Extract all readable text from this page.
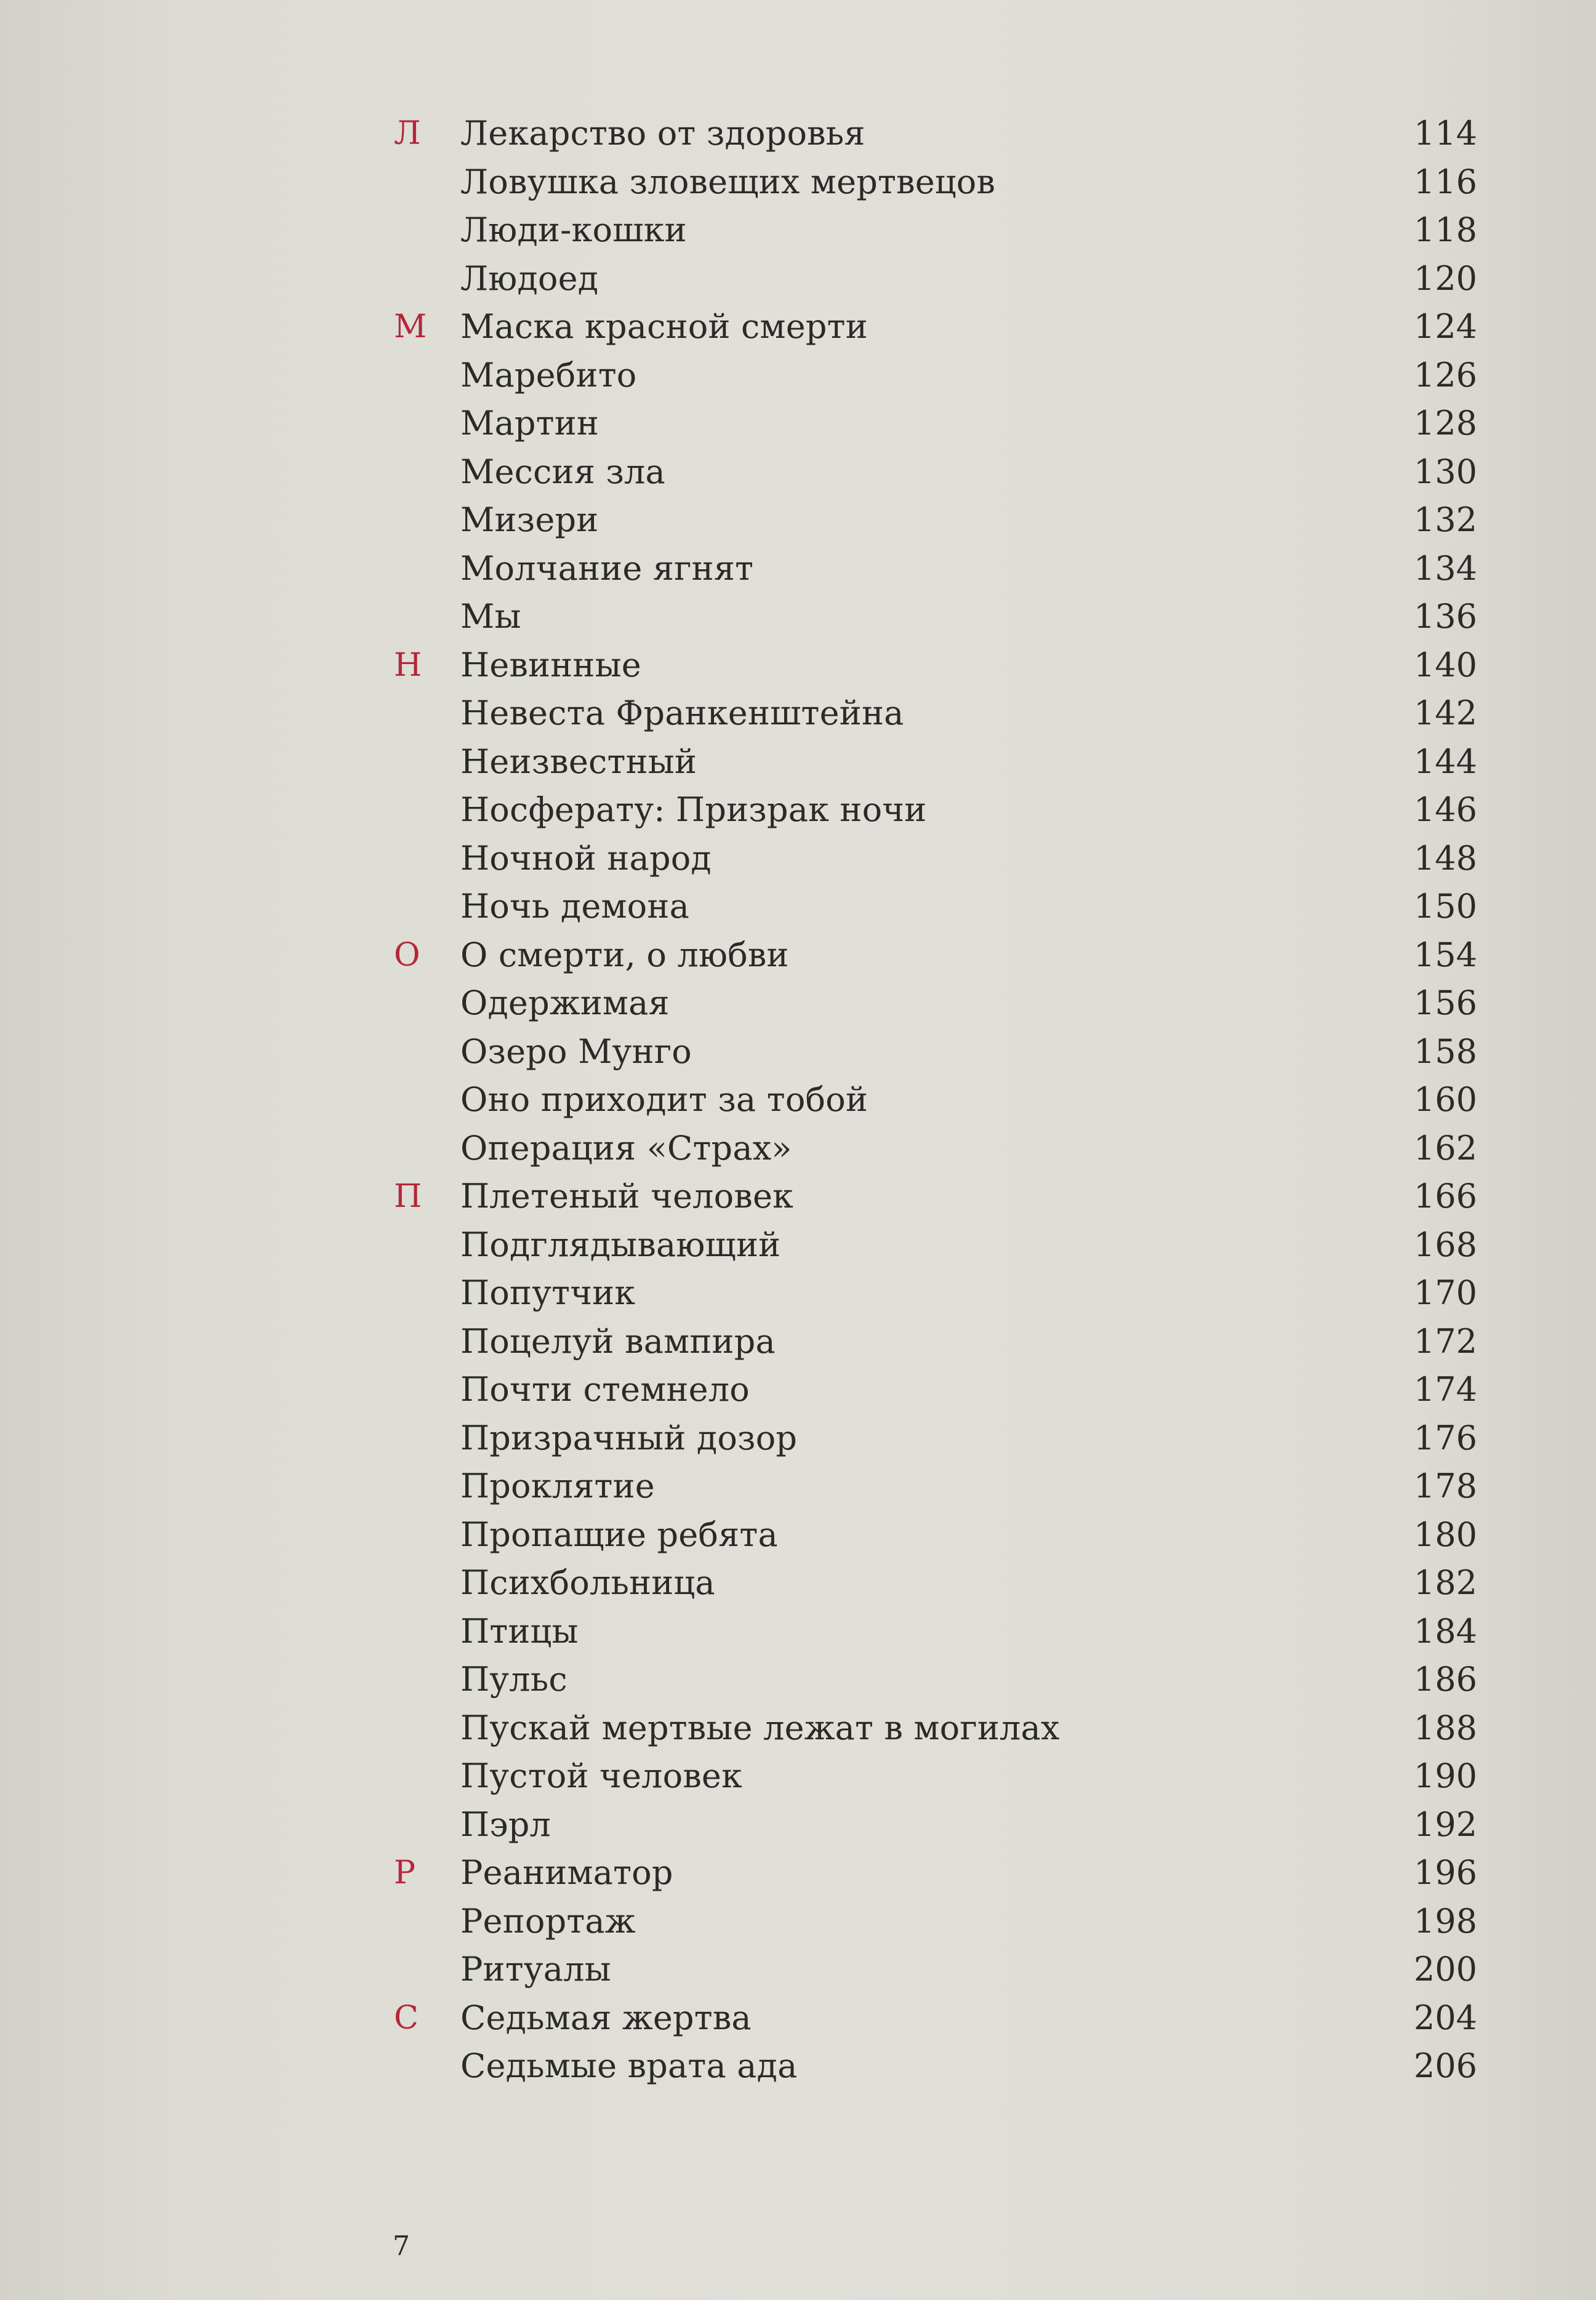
Л Лекарство от здоровья	114
Ловушка зловещих мертвецов	116
Люди-кошки	118
Людоед	120
М Маска красной смерти	124
Маребито	126
Мартин	128
Мессия зла	130
Мизери	132
Молчание ягнят	134
Мы	136
Н Невинные	140
Невеста Франкенштейна	142
Неизвестный	144
Носферату: Призрак ночи	146
Ночной народ	148
Ночь демона	150
О О смерти, о любви	154
Одержимая	156
Озеро Мунго	158
Оно приходит за тобой	160
Операция «Страх»	162
П Плетеный человек	166
Подглядывающий	168
Попутчик	170
Поцелуй вампира	172
Почти стемнело	174
Призрачный дозор	176
Проклятие	178
Пропащие ребята	180
Психбольница	182
Птицы	184
Пульс	186
Пускай мертвые лежат в могилах	188
Пустой человек	190
Пэрл	192
Р Реаниматор	196
Репортаж	198
Ритуалы	200
С Седьмая жертва	204
Седьмые врата ада	206
7
